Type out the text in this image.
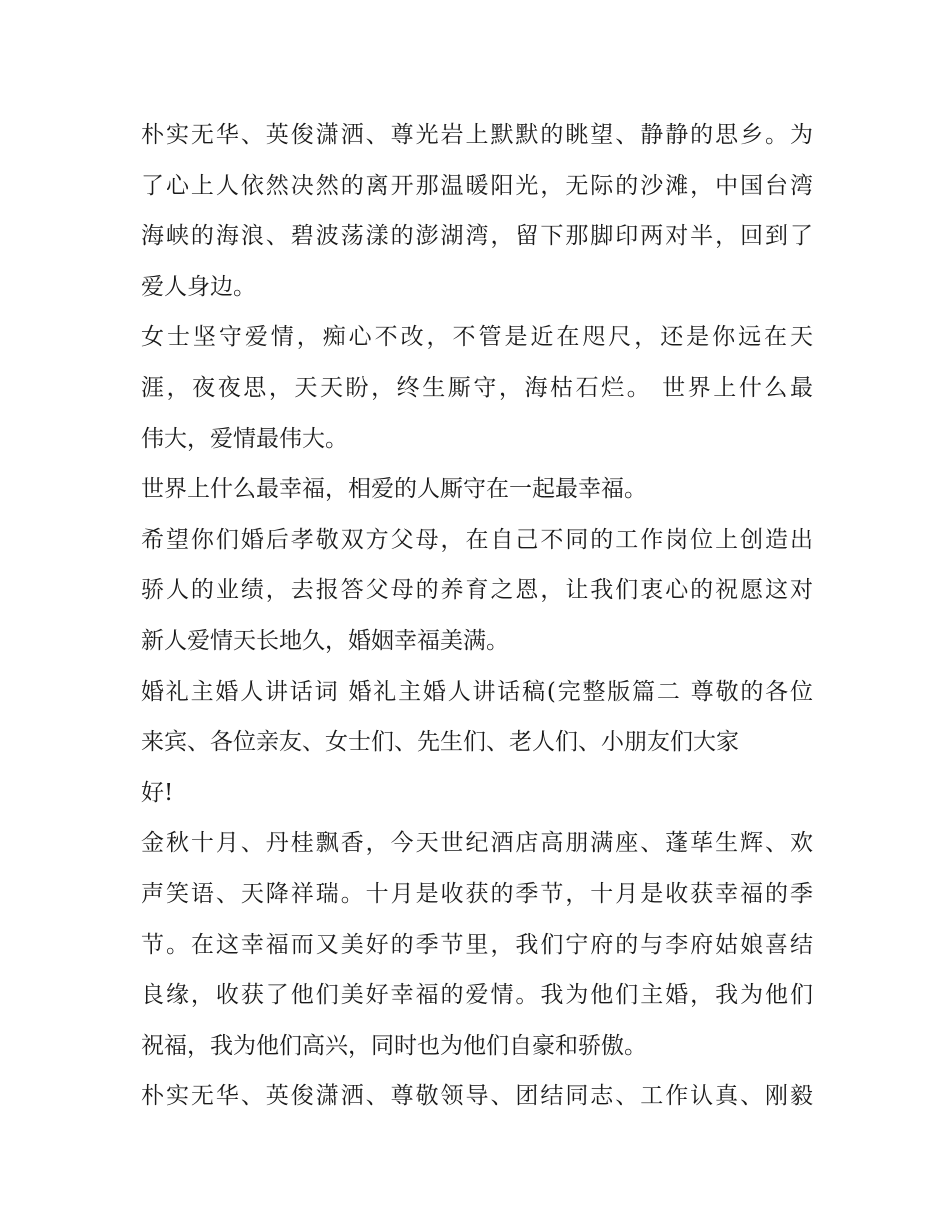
朴实无华、英俊潇洒、尊光岩上默默的眺望、静静的思乡。为
了心上人依然决然的离开那温暖阳光，无际的沙滩，中国台湾
海峡的海浪、碧波荡漾的澎湖湾，留下那脚印两对半，回到了
爱人身边。
女士坚守爱情，痴心不改，不管是近在咫尺，还是你远在天
涯，夜夜思，天天盼，终生厮守，海枯石烂。 世界上什么最
伟大，爱情最伟大。
世界上什么最幸福，相爱的人厮守在一起最幸福。
希望你们婚后孝敬双方父母，在自己不同的工作岗位上创造出
骄人的业绩，去报答父母的养育之恩，让我们衷心的祝愿这对
新人爱情天长地久，婚姻幸福美满。
婚礼主婚人讲话词 婚礼主婚人讲话稿(完整版篇二 尊敬的各位
来宾、各位亲友、女士们、先生们、老人们、小朋友们大家
好!
金秋十月、丹桂飘香，今天世纪酒店高朋满座、蓬荜生辉、欢
声笑语、天降祥瑞。十月是收获的季节，十月是收获幸福的季
节。在这幸福而又美好的季节里，我们宁府的与李府姑娘喜结
良缘，收获了他们美好幸福的爱情。我为他们主婚，我为他们
祝福，我为他们高兴，同时也为他们自豪和骄傲。
朴实无华、英俊潇洒、尊敬领导、团结同志、工作认真、刚毅
